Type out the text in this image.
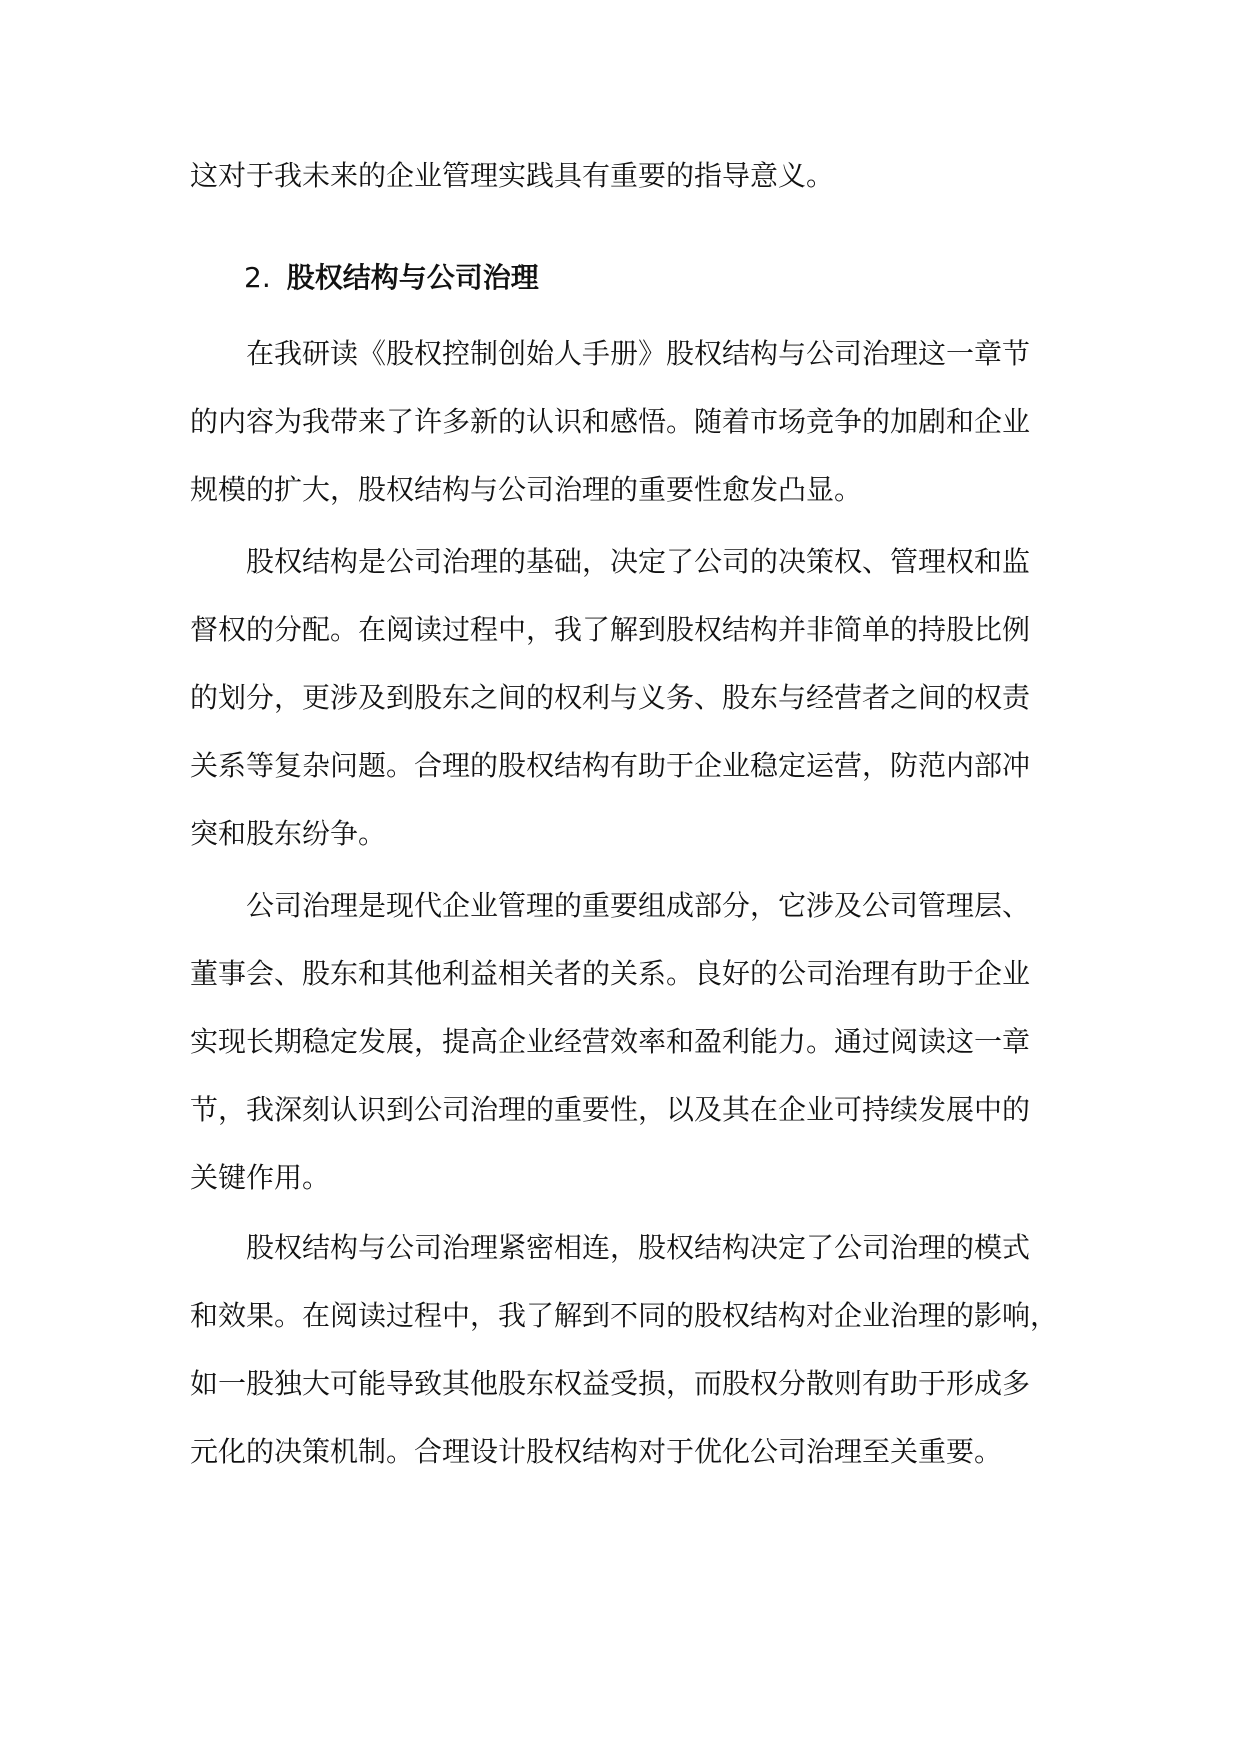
这对于我未来的企业管理实践具有重要的指导意义。

2. 股权结构与公司治理

在我研读《股权控制创始人手册》股权结构与公司治理这一章节

的内容为我带来了许多新的认识和感悟。随着市场竞争的加剧和企业

规模的扩大，股权结构与公司治理的重要性愈发凸显。

股权结构是公司治理的基础，决定了公司的决策权、管理权和监

督权的分配。在阅读过程中，我了解到股权结构并非简单的持股比例

的划分，更涉及到股东之间的权利与义务、股东与经营者之间的权责

关系等复杂问题。合理的股权结构有助于企业稳定运营，防范内部冲

突和股东纷争。

公司治理是现代企业管理的重要组成部分，它涉及公司管理层、

董事会、股东和其他利益相关者的关系。良好的公司治理有助于企业

实现长期稳定发展，提高企业经营效率和盈利能力。通过阅读这一章

节，我深刻认识到公司治理的重要性，以及其在企业可持续发展中的

关键作用。

股权结构与公司治理紧密相连，股权结构决定了公司治理的模式

和效果。在阅读过程中，我了解到不同的股权结构对企业治理的影响，

如一股独大可能导致其他股东权益受损，而股权分散则有助于形成多

元化的决策机制。合理设计股权结构对于优化公司治理至关重要。
